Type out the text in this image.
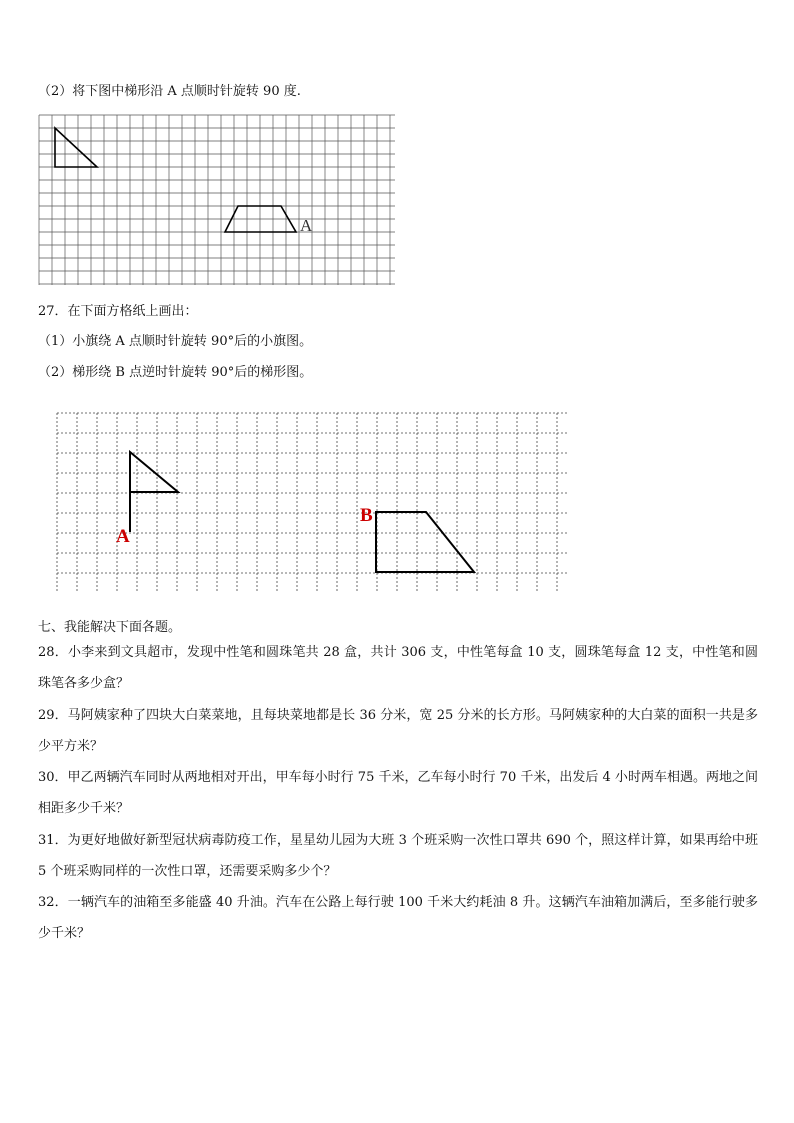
（2）将下图中梯形沿 A 点顺时针旋转 90 度.
A
27．在下面方格纸上画出：
（1）小旗绕 A 点顺时针旋转 90°后的小旗图。
（2）梯形绕 B 点逆时针旋转 90°后的梯形图。
A
B
七、我能解决下面各题。
28．小李来到文具超市，发现中性笔和圆珠笔共 28 盒，共计 306 支，中性笔每盒 10 支，圆珠笔每盒 12 支，中性笔和圆珠笔各多少盒？
29．马阿姨家种了四块大白菜菜地，且每块菜地都是长 36 分米，宽 25 分米的长方形。马阿姨家种的大白菜的面积一共是多少平方米？
30．甲乙两辆汽车同时从两地相对开出，甲车每小时行 75 千米，乙车每小时行 70 千米，出发后 4 小时两车相遇。两地之间相距多少千米？
31．为更好地做好新型冠状病毒防疫工作，星星幼儿园为大班 3 个班采购一次性口罩共 690 个，照这样计算，如果再给中班 5 个班采购同样的一次性口罩，还需要采购多少个？
32．一辆汽车的油箱至多能盛 40 升油。汽车在公路上每行驶 100 千米大约耗油 8 升。这辆汽车油箱加满后，至多能行驶多少千米？
